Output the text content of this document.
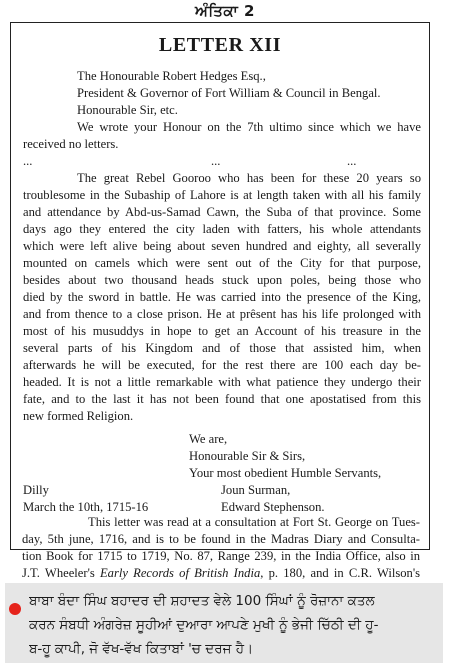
ਅੰਤਿਕਾ 2
LETTER XII
The Honourable Robert Hedges Esq.,
President & Governor of Fort William & Council in Bengal.
Honourable Sir, etc.
We wrote your Honour on the 7th ultimo since which we have
received no letters.
...	...	...
The great Rebel Gooroo who has been for these 20 years so
troublesome in the Subaship of Lahore is at length taken with all his family
and attendance by Abd-us-Samad Cawn, the Suba of that province. Some
days ago they entered the city laden with fatters, his whole attendants
which were left alive being about seven hundred and eighty, all severally
mounted on camels which were sent out of the City for that purpose,
besides about two thousand heads stuck upon poles, being those who
died by the sword in battle. He was carried into the presence of the King,
and from thence to a close prison. He at prêsent has his life prolonged with
most of his musuddys in hope to get an Account of his treasure in the
several parts of his Kingdom and of those that assisted him, when
afterwards he will be executed, for the rest there are 100 each day be-
headed. It is not a little remarkable with what patience they undergo their
fate, and to the last it has not been found that one apostatised from this
new formed Religion.
We are,
Honourable Sir & Sirs,
Your most obedient Humble Servants,
Dilly	Joun Surman,
March the 10th, 1715-16	Edward Stephenson.
This letter was read at a consultation at Fort St. George on Tues-
day, 5th june, 1716, and is to be found in the Madras Diary and Consulta-
tion Book for 1715 to 1719, No. 87, Range 239, in the India Office, also in
J.T. Wheeler's Early Records of British India, p. 180, and in C.R. Wilson's
ਬਾਬਾ ਬੰਦਾ ਸਿੰਘ ਬਹਾਦਰ ਦੀ ਸ਼ਹਾਦਤ ਵੇਲੇ 100 ਸਿੰਘਾਂ ਨੂੰ ਰੋਜ਼ਾਨਾ ਕਤਲ
ਕਰਨ ਸੰਬਧੀ ਅੰਗਰੇਜ਼ ਸੂਹੀਆਂ ਦੁਆਰਾ ਆਪਣੇ ਮੁਖੀ ਨੂੰ ਭੇਜੀ ਚਿੱਠੀ ਦੀ ਹੂ-
ਬ-ਹੂ ਕਾਪੀ, ਜੋ ਵੱਖ-ਵੱਖ ਕਿਤਾਬਾਂ 'ਚ ਦਰਜ ਹੈ।
